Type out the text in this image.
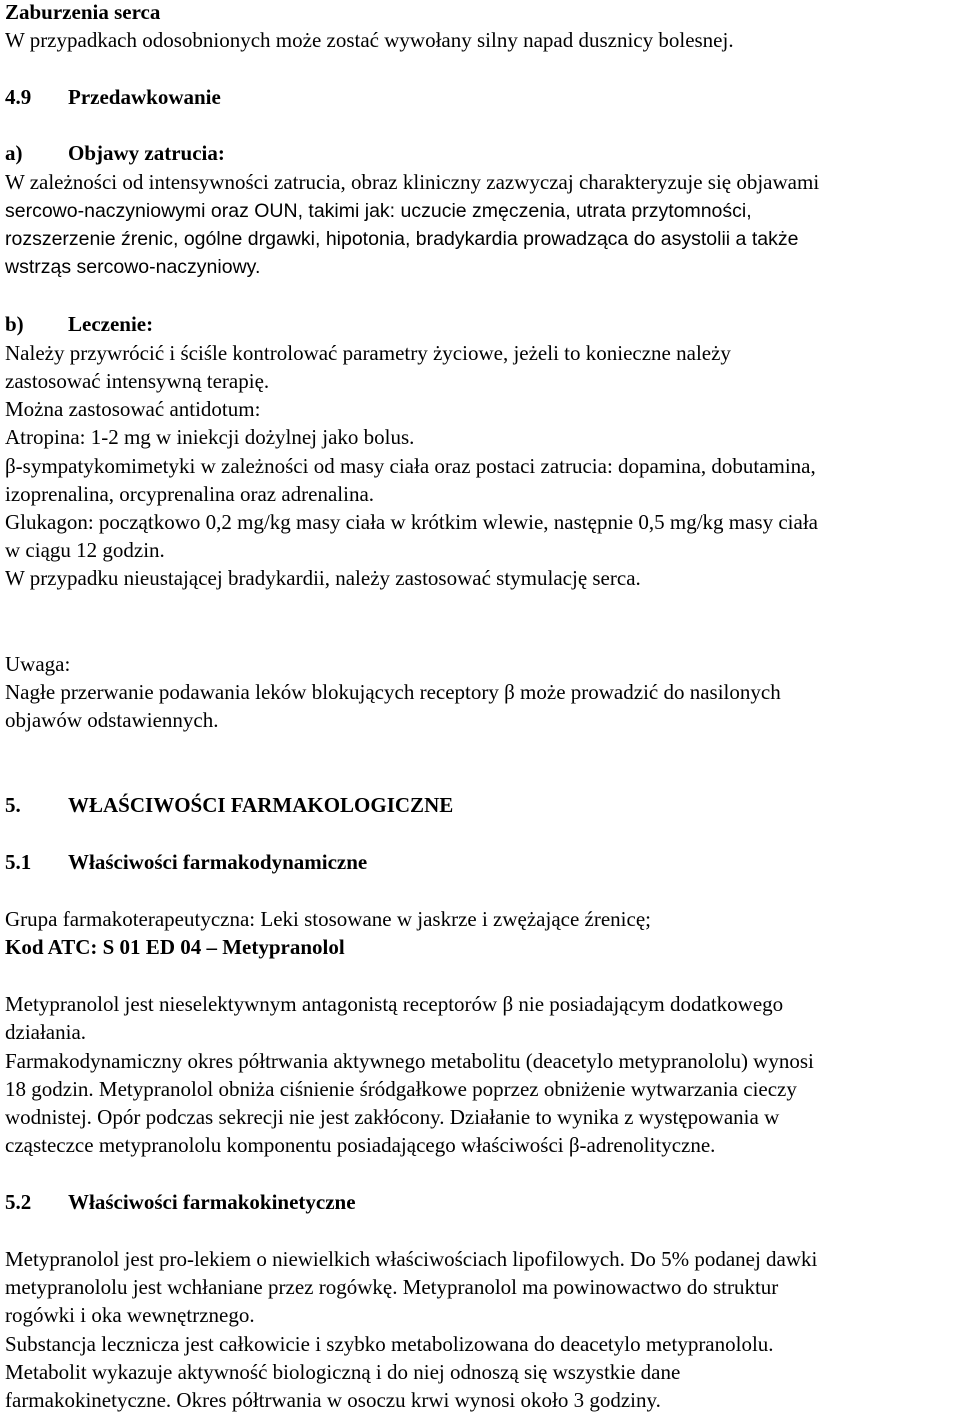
Zaburzenia serca
W przypadkach odosobnionych może zostać wywołany silny napad dusznicy bolesnej.
4.9 Przedawkowanie
a) Objawy zatrucia:
W zależności od intensywności zatrucia, obraz kliniczny zazwyczaj charakteryzuje się objawami
sercowo-naczyniowymi oraz OUN, takimi jak: uczucie zmęczenia, utrata przytomności,
rozszerzenie źrenic, ogólne drgawki, hipotonia, bradykardia prowadząca do asystolii a także
wstrząs sercowo-naczyniowy.
b) Leczenie:
Należy przywrócić i ściśle kontrolować parametry życiowe, jeżeli to konieczne należy
zastosować intensywną terapię.
Można zastosować antidotum:
Atropina: 1-2 mg w iniekcji dożylnej jako bolus.
β-sympatykomimetyki w zależności od masy ciała oraz postaci zatrucia: dopamina, dobutamina,
izoprenalina, orcyprenalina oraz adrenalina.
Glukagon: początkowo 0,2 mg/kg masy ciała w krótkim wlewie, następnie 0,5 mg/kg masy ciała
w ciągu 12 godzin.
W przypadku nieustającej bradykardii, należy zastosować stymulację serca.
Uwaga:
Nagłe przerwanie podawania leków blokujących receptory β może prowadzić do nasilonych
objawów odstawiennych.
5. WŁAŚCIWOŚCI FARMAKOLOGICZNE
5.1 Właściwości farmakodynamiczne
Grupa farmakoterapeutyczna: Leki stosowane w jaskrze i zwężające źrenicę;
Kod ATC: S 01 ED 04 – Metypranolol
Metypranolol jest nieselektywnym antagonistą receptorów β nie posiadającym dodatkowego
działania.
Farmakodynamiczny okres półtrwania aktywnego metabolitu (deacetylo metypranololu) wynosi
18 godzin. Metypranolol obniża ciśnienie śródgałkowe poprzez obniżenie wytwarzania cieczy
wodnistej. Opór podczas sekrecji nie jest zakłócony. Działanie to wynika z występowania w
cząsteczce metypranololu komponentu posiadającego właściwości β-adrenolityczne.
5.2 Właściwości farmakokinetyczne
Metypranolol jest pro-lekiem o niewielkich właściwościach lipofilowych. Do 5% podanej dawki
metypranololu jest wchłaniane przez rogówkę. Metypranolol ma powinowactwo do struktur
rogówki i oka wewnętrznego.
Substancja lecznicza jest całkowicie i szybko metabolizowana do deacetylo metypranololu.
Metabolit wykazuje aktywność biologiczną i do niej odnoszą się wszystkie dane
farmakokinetyczne. Okres półtrwania w osoczu krwi wynosi około 3 godziny.
